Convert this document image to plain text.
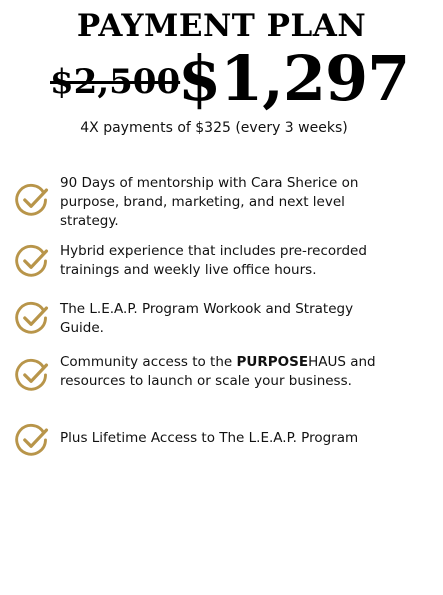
PAYMENT PLAN
$2,500
$1,297
4X payments of $325 (every 3 weeks)
90 Days of mentorship with Cara Sherice on purpose, brand, marketing, and next level strategy.
Hybrid experience that includes pre-recorded trainings and weekly live office hours.
The L.E.A.P. Program Workook and Strategy Guide.
Community access to the PURPOSEHAUS and resources to launch or scale your business.
Plus Lifetime Access to The L.E.A.P. Program
